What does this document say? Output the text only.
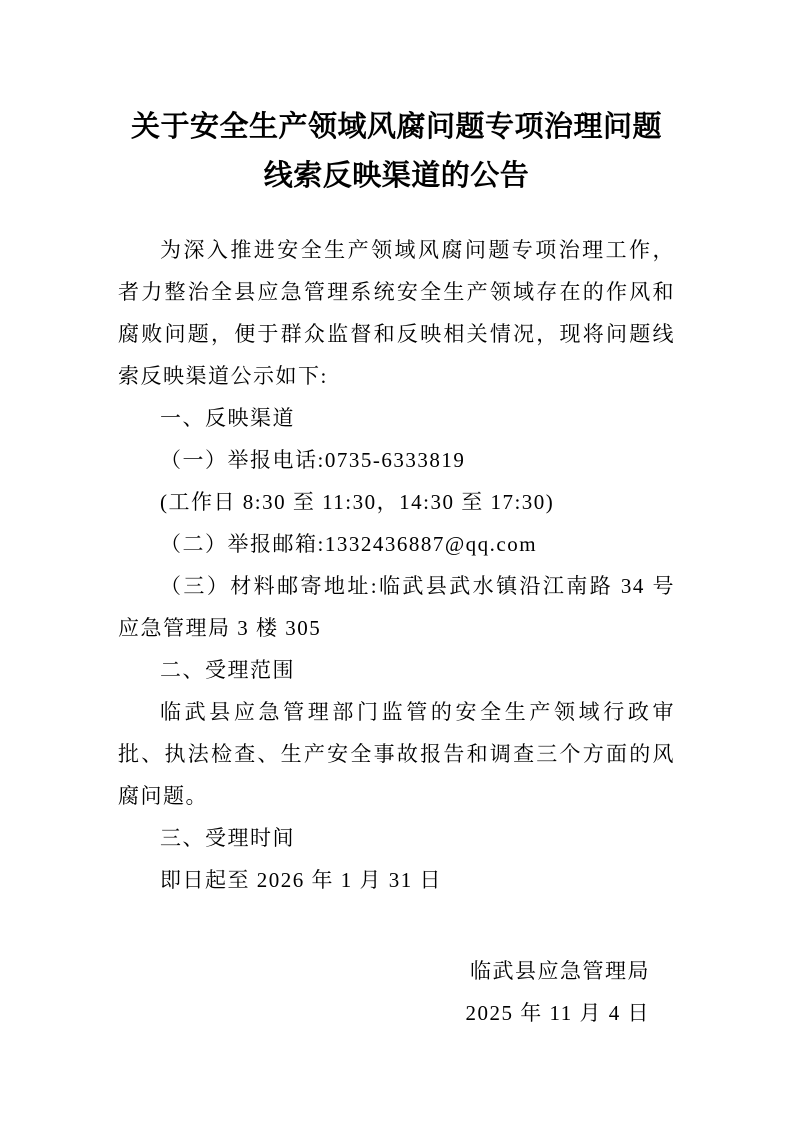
关于安全生产领域风腐问题专项治理问题
线索反映渠道的公告

为深入推进安全生产领域风腐问题专项治理工作，者力整治全县应急管理系统安全生产领域存在的作风和腐败问题，便于群众监督和反映相关情况，现将问题线索反映渠道公示如下:

一、反映渠道

（一）举报电话:0735-6333819

(工作日 8:30 至 11:30，14:30 至 17:30)

（二）举报邮箱:1332436887@qq.com

（三）材料邮寄地址:临武县武水镇沿江南路 34 号应急管理局 3 楼 305

二、受理范围

临武县应急管理部门监管的安全生产领域行政审批、执法检查、生产安全事故报告和调查三个方面的风腐问题。

三、受理时间

即日起至 2026 年 1 月 31 日

临武县应急管理局
2025 年 11 月 4 日
